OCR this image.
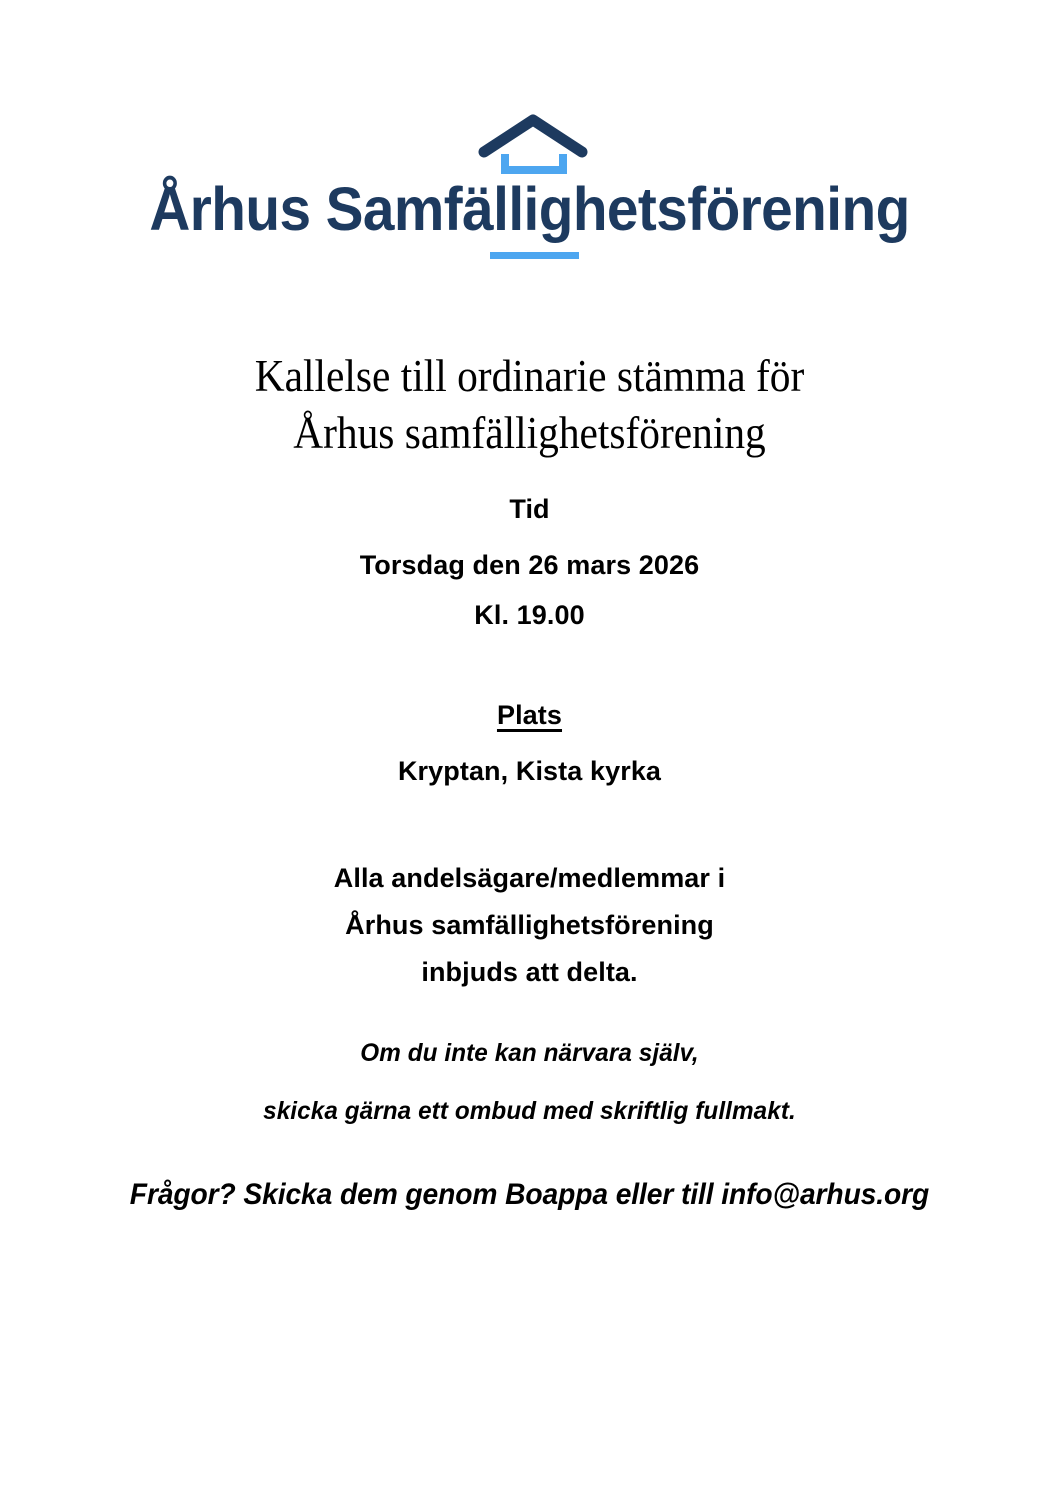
Århus Samfällighetsförening
Kallelse till ordinarie stämma för
Århus samfällighetsförening
Tid
Torsdag den 26 mars 2026
Kl. 19.00
Plats
Kryptan, Kista kyrka
Alla andelsägare/medlemmar i
Århus samfällighetsförening
inbjuds att delta.
Om du inte kan närvara själv,
skicka gärna ett ombud med skriftlig fullmakt.
Frågor? Skicka dem genom Boappa eller till info@arhus.org
